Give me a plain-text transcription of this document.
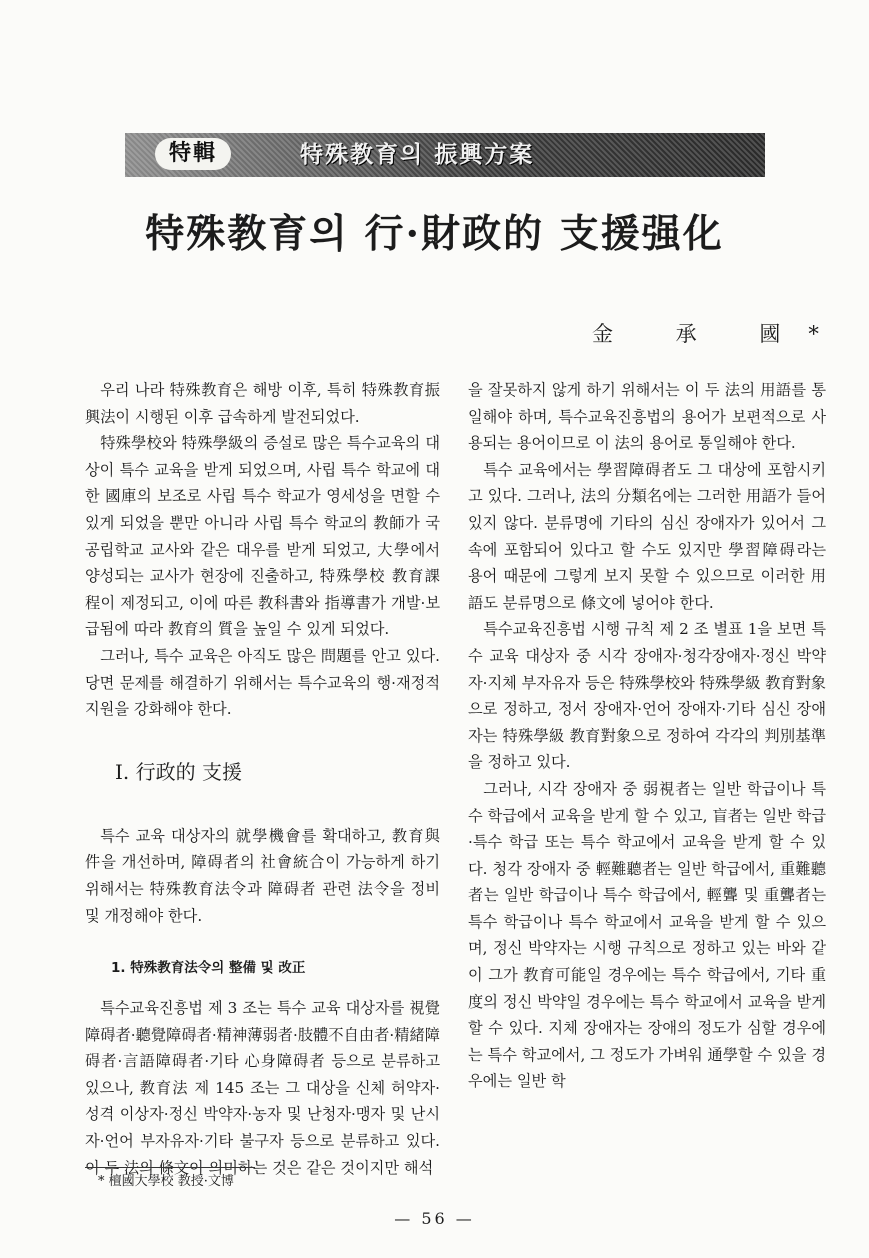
特輯	特殊教育의 振興方案
特殊教育의 行·財政的 支援强化
金 承 國*

우리 나라 特殊教育은 해방 이후, 특히 特殊教育振興法이 시행된 이후 급속하게 발전되었다.

特殊學校와 特殊學級의 증설로 많은 특수교육의 대상이 특수 교육을 받게 되었으며, 사립 특수 학교에 대한 國庫의 보조로 사립 특수 학교가 영세성을 면할 수 있게 되었을 뿐만 아니라 사립 특수 학교의 教師가 국공립학교 교사와 같은 대우를 받게 되었고, 大學에서 양성되는 교사가 현장에 진출하고, 特殊學校 教育課程이 제정되고, 이에 따른 教科書와 指導書가 개발·보급됨에 따라 教育의 質을 높일 수 있게 되었다.

그러나, 특수 교육은 아직도 많은 問題를 안고 있다. 당면 문제를 해결하기 위해서는 특수교육의 행·재정적 지원을 강화해야 한다.

Ⅰ. 行政的 支援

특수 교육 대상자의 就學機會를 확대하고, 教育與件을 개선하며, 障碍者의 社會統合이 가능하게 하기 위해서는 特殊教育法令과 障碍者 관련 法令을 정비 및 개정해야 한다.

1. 特殊教育法令의 整備 및 改正

특수교육진흥법 제 3 조는 특수 교육 대상자를 視覺障碍者·聽覺障碍者·精神薄弱者·肢體不自由者·精緒障碍者·言語障碍者·기타 心身障碍者 등으로 분류하고 있으나, 教育法 제 145 조는 그 대상을 신체 허약자·성격 이상자·정신 박약자·농자 및 난청자·맹자 및 난시자·언어 부자유자·기타 불구자 등으로 분류하고 있다. 이 두 法의 條文이 의미하는 것은 같은 것이지만 해석

을 잘못하지 않게 하기 위해서는 이 두 法의 用語를 통일해야 하며, 특수교육진흥법의 용어가 보편적으로 사용되는 용어이므로 이 法의 용어로 통일해야 한다.

특수 교육에서는 學習障碍者도 그 대상에 포함시키고 있다. 그러나, 法의 分類名에는 그러한 用語가 들어 있지 않다. 분류명에 기타의 심신 장애자가 있어서 그 속에 포함되어 있다고 할 수도 있지만 學習障碍라는 용어 때문에 그렇게 보지 못할 수 있으므로 이러한 用語도 분류명으로 條文에 넣어야 한다.

특수교육진흥법 시행 규칙 제 2 조 별표 1을 보면 특수 교육 대상자 중 시각 장애자·청각장애자·정신 박약자·지체 부자유자 등은 特殊學校와 特殊學級 教育對象으로 정하고, 정서 장애자·언어 장애자·기타 심신 장애자는 特殊學級 教育對象으로 정하여 각각의 判別基準을 정하고 있다.

그러나, 시각 장애자 중 弱視者는 일반 학급이나 특수 학급에서 교육을 받게 할 수 있고, 盲者는 일반 학급·특수 학급 또는 특수 학교에서 교육을 받게 할 수 있다. 청각 장애자 중 輕難聽者는 일반 학급에서, 重難聽者는 일반 학급이나 특수 학급에서, 輕聾 및 重聾者는 특수 학급이나 특수 학교에서 교육을 받게 할 수 있으며, 정신 박약자는 시행 규칙으로 정하고 있는 바와 같이 그가 教育可能일 경우에는 특수 학급에서, 기타 重度의 정신 박약일 경우에는 특수 학교에서 교육을 받게 할 수 있다. 지체 장애자는 장애의 정도가 심할 경우에는 특수 학교에서, 그 정도가 가벼워 通學할 수 있을 경우에는 일반 학

* 檀國大學校 教授·文博
— 56 —
